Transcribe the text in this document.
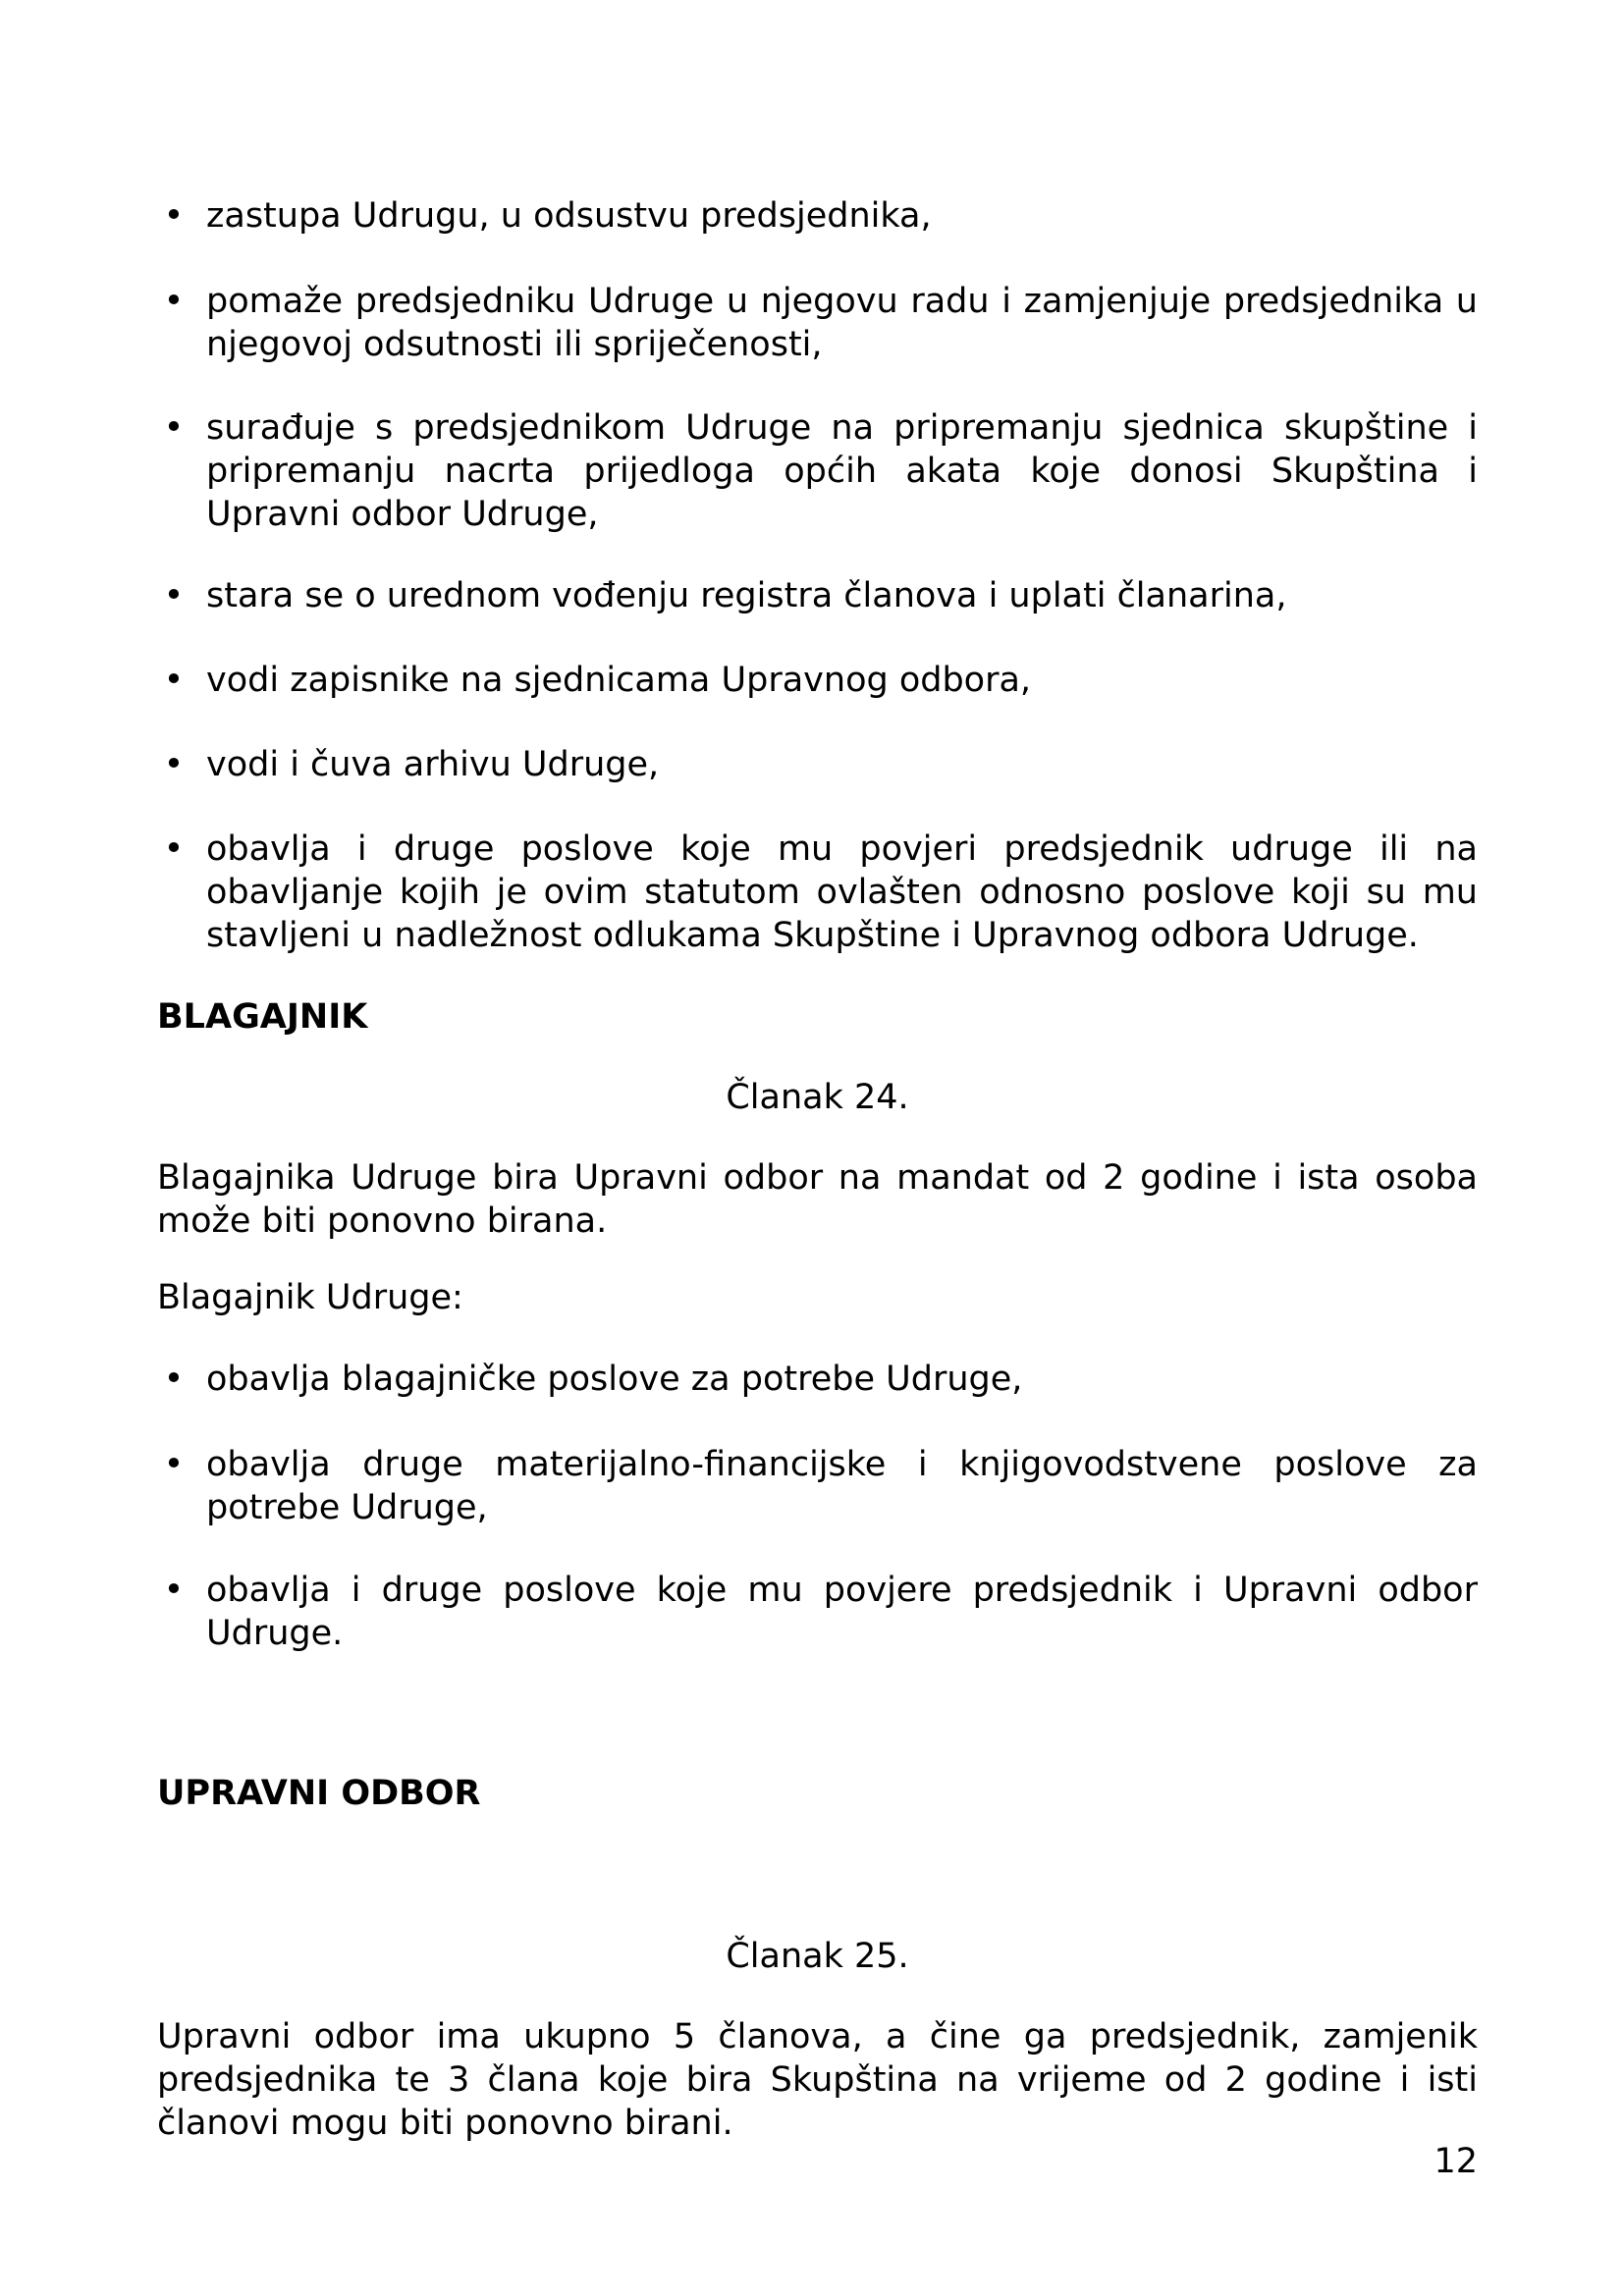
• zastupa Udrugu, u odsustvu predsjednika,
• pomaže predsjedniku Udruge u njegovu radu i zamjenjuje predsjednika u njegovoj odsutnosti ili spriječenosti,
• surađuje s predsjednikom Udruge na pripremanju sjednica skupštine i pripremanju nacrta prijedloga općih akata koje donosi Skupština i Upravni odbor Udruge,
• stara se o urednom vođenju registra članova i uplati članarina,
• vodi zapisnike na sjednicama Upravnog odbora,
• vodi i čuva arhivu Udruge,
• obavlja i druge poslove koje mu povjeri predsjednik udruge ili na obavljanje kojih je ovim statutom ovlašten odnosno poslove koji su mu stavljeni u nadležnost odlukama Skupštine i Upravnog odbora Udruge.
BLAGAJNIK
Članak 24.
Blagajnika Udruge bira Upravni odbor na mandat od 2 godine i ista osoba može biti ponovno birana.
Blagajnik Udruge:
• obavlja blagajničke poslove za potrebe Udruge,
• obavlja druge materijalno-financijske i knjigovodstvene poslove za potrebe Udruge,
• obavlja i druge poslove koje mu povjere predsjednik i Upravni odbor Udruge.
UPRAVNI ODBOR
Članak 25.
Upravni odbor ima ukupno 5 članova, a čine ga predsjednik, zamjenik predsjednika te 3 člana koje bira Skupština na vrijeme od 2 godine i isti članovi mogu biti ponovno birani.
12
